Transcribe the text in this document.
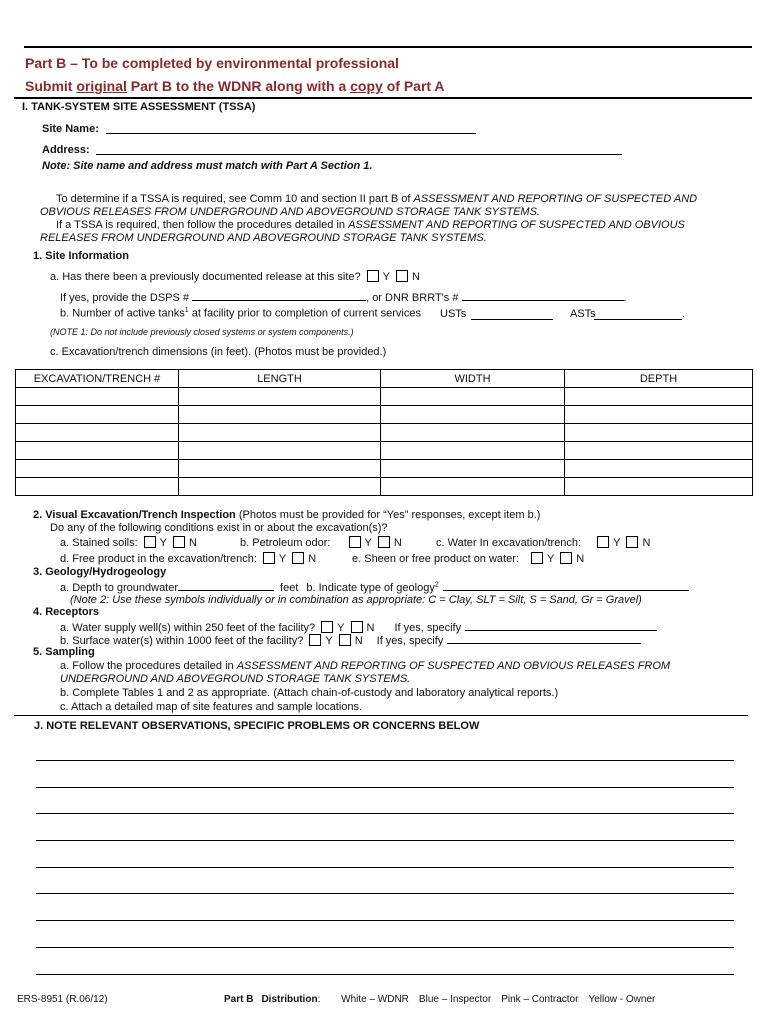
Part B – To be completed by environmental professional
Submit original Part B to the WDNR along with a copy of Part A
I. TANK-SYSTEM SITE ASSESSMENT (TSSA)
Site Name:
Address:
Note: Site name and address must match with Part A Section 1.
To determine if a TSSA is required, see Comm 10 and section II part B of ASSESSMENT AND REPORTING OF SUSPECTED AND OBVIOUS RELEASES FROM UNDERGROUND AND ABOVEGROUND STORAGE TANK SYSTEMS.
If a TSSA is required, then follow the procedures detailed in ASSESSMENT AND REPORTING OF SUSPECTED AND OBVIOUS RELEASES FROM UNDERGROUND AND ABOVEGROUND STORAGE TANK SYSTEMS.
1. Site Information
a. Has there been a previously documented release at this site? Y N
If yes, provide the DSPS #	, or DNR BRRT's #	.
b. Number of active tanks$^1$ at facility prior to completion of current services USTs	ASTs	.
(NOTE 1: Do not include previously closed systems or system components.)
c. Excavation/trench dimensions (in feet). (Photos must be provided.)
EXCAVATION/TRENCH #	LENGTH	WIDTH	DEPTH

2. Visual Excavation/Trench Inspection (Photos must be provided for “Yes” responses, except item b.)
Do any of the following conditions exist in or about the excavation(s)?
a. Stained soils: Y N	b. Petroleum odor:	Y N	c. Water In excavation/trench:	Y N
d. Free product in the excavation/trench: Y N	e. Sheen or free product on water:	Y N
3. Geology/Hydrogeology
a. Depth to groundwater	feet b. Indicate type of geology$^2$
(Note 2: Use these symbols individually or in combination as appropriate: C = Clay, SLT = Silt, S = Sand, Gr = Gravel)
4. Receptors
a. Water supply well(s) within 250 feet of the facility? Y N If yes, specify
b. Surface water(s) within 1000 feet of the facility? Y N If yes, specify
5. Sampling
a. Follow the procedures detailed in ASSESSMENT AND REPORTING OF SUSPECTED AND OBVIOUS RELEASES FROM UNDERGROUND AND ABOVEGROUND STORAGE TANK SYSTEMS.
b. Complete Tables 1 and 2 as appropriate. (Attach chain-of-custody and laboratory analytical reports.)
c. Attach a detailed map of site features and sample locations.
J. NOTE RELEVANT OBSERVATIONS, SPECIFIC PROBLEMS OR CONCERNS BELOW
ERS-8951 (R.06/12)	Part B Distribution: White – WDNR Blue – Inspector Pink – Contractor Yellow - Owner
